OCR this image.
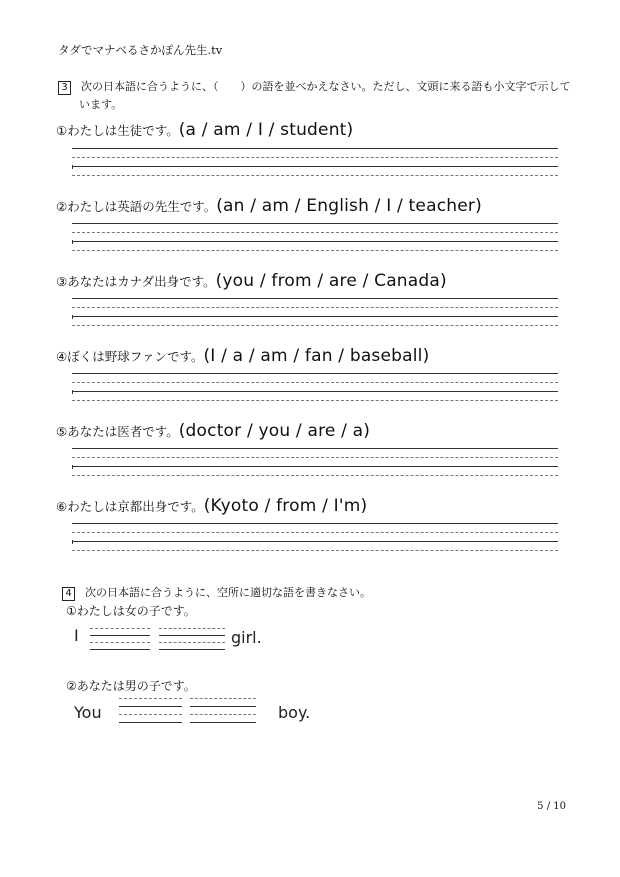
タダでマナベるさかぽん先生.tv
3 次の日本語に合うように、（　　）の語を並べかえなさい。ただし、文頭に来る語も小文字で示して
います。
①わたしは生徒です。(a / am / I / student)
②わたしは英語の先生です。(an / am / English / I / teacher)
③あなたはカナダ出身です。(you / from / are / Canada)
④ぼくは野球ファンです。(I / a / am / fan / baseball)
⑤あなたは医者です。(doctor / you / are / a)
⑥わたしは京都出身です。(Kyoto / from / I'm)
4 次の日本語に合うように、空所に適切な語を書きなさい。
①わたしは女の子です。
I	girl.
②あなたは男の子です。
You	boy.
5 / 10
